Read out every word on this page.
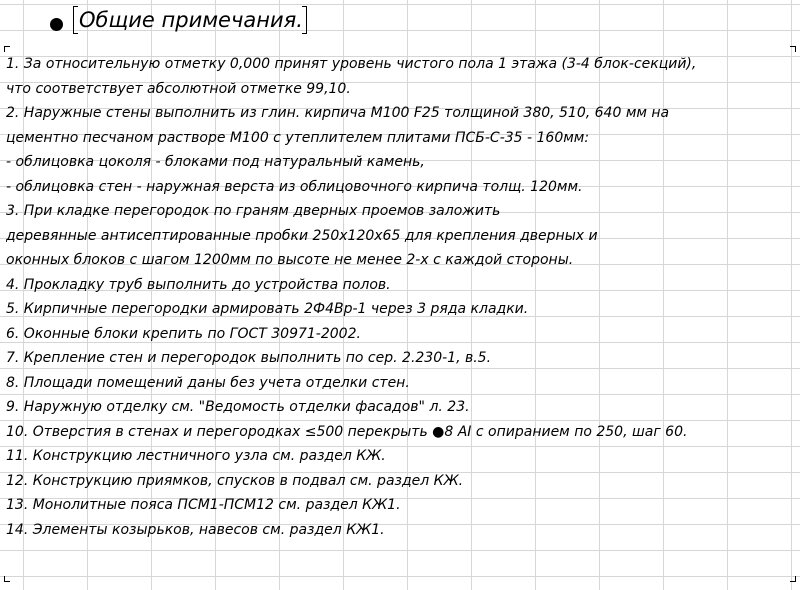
Общие примечания.
1. За относительную отметку 0,000 принят уровень чистого пола 1 этажа (3-4 блок-секций),
что соответствует абсолютной отметке 99,10.
2. Наружные стены выполнить из глин. кирпича М100 F25 толщиной 380, 510, 640 мм на
цементно песчаном растворе М100 с утеплителем плитами ПСБ-С-35 - 160мм:
- облицовка цоколя - блоками под натуральный камень,
- облицовка стен - наружная верста из облицовочного кирпича толщ. 120мм.
3. При кладке перегородок по граням дверных проемов заложить
деревянные антисептированные пробки 250х120х65 для крепления дверных и
оконных блоков с шагом 1200мм по высоте не менее 2-х с каждой стороны.
4. Прокладку труб выполнить до устройства полов.
5. Кирпичные перегородки армировать 2Ф4Вр-1 через 3 ряда кладки.
6. Оконные блоки крепить по ГОСТ 30971-2002.
7. Крепление стен и перегородок выполнить по сер. 2.230-1, в.5.
8. Площади помещений даны без учета отделки стен.
9. Наружную отделку см. "Ведомость отделки фасадов" л. 23.
10. Отверстия в стенах и перегородках ≤500 перекрыть ●8 AI с опиранием по 250, шаг 60.
11. Конструкцию лестничного узла см. раздел КЖ.
12. Конструкцию приямков, спусков в подвал см. раздел КЖ.
13. Монолитные пояса ПСМ1-ПСМ12 см. раздел КЖ1.
14. Элементы козырьков, навесов см. раздел КЖ1.
